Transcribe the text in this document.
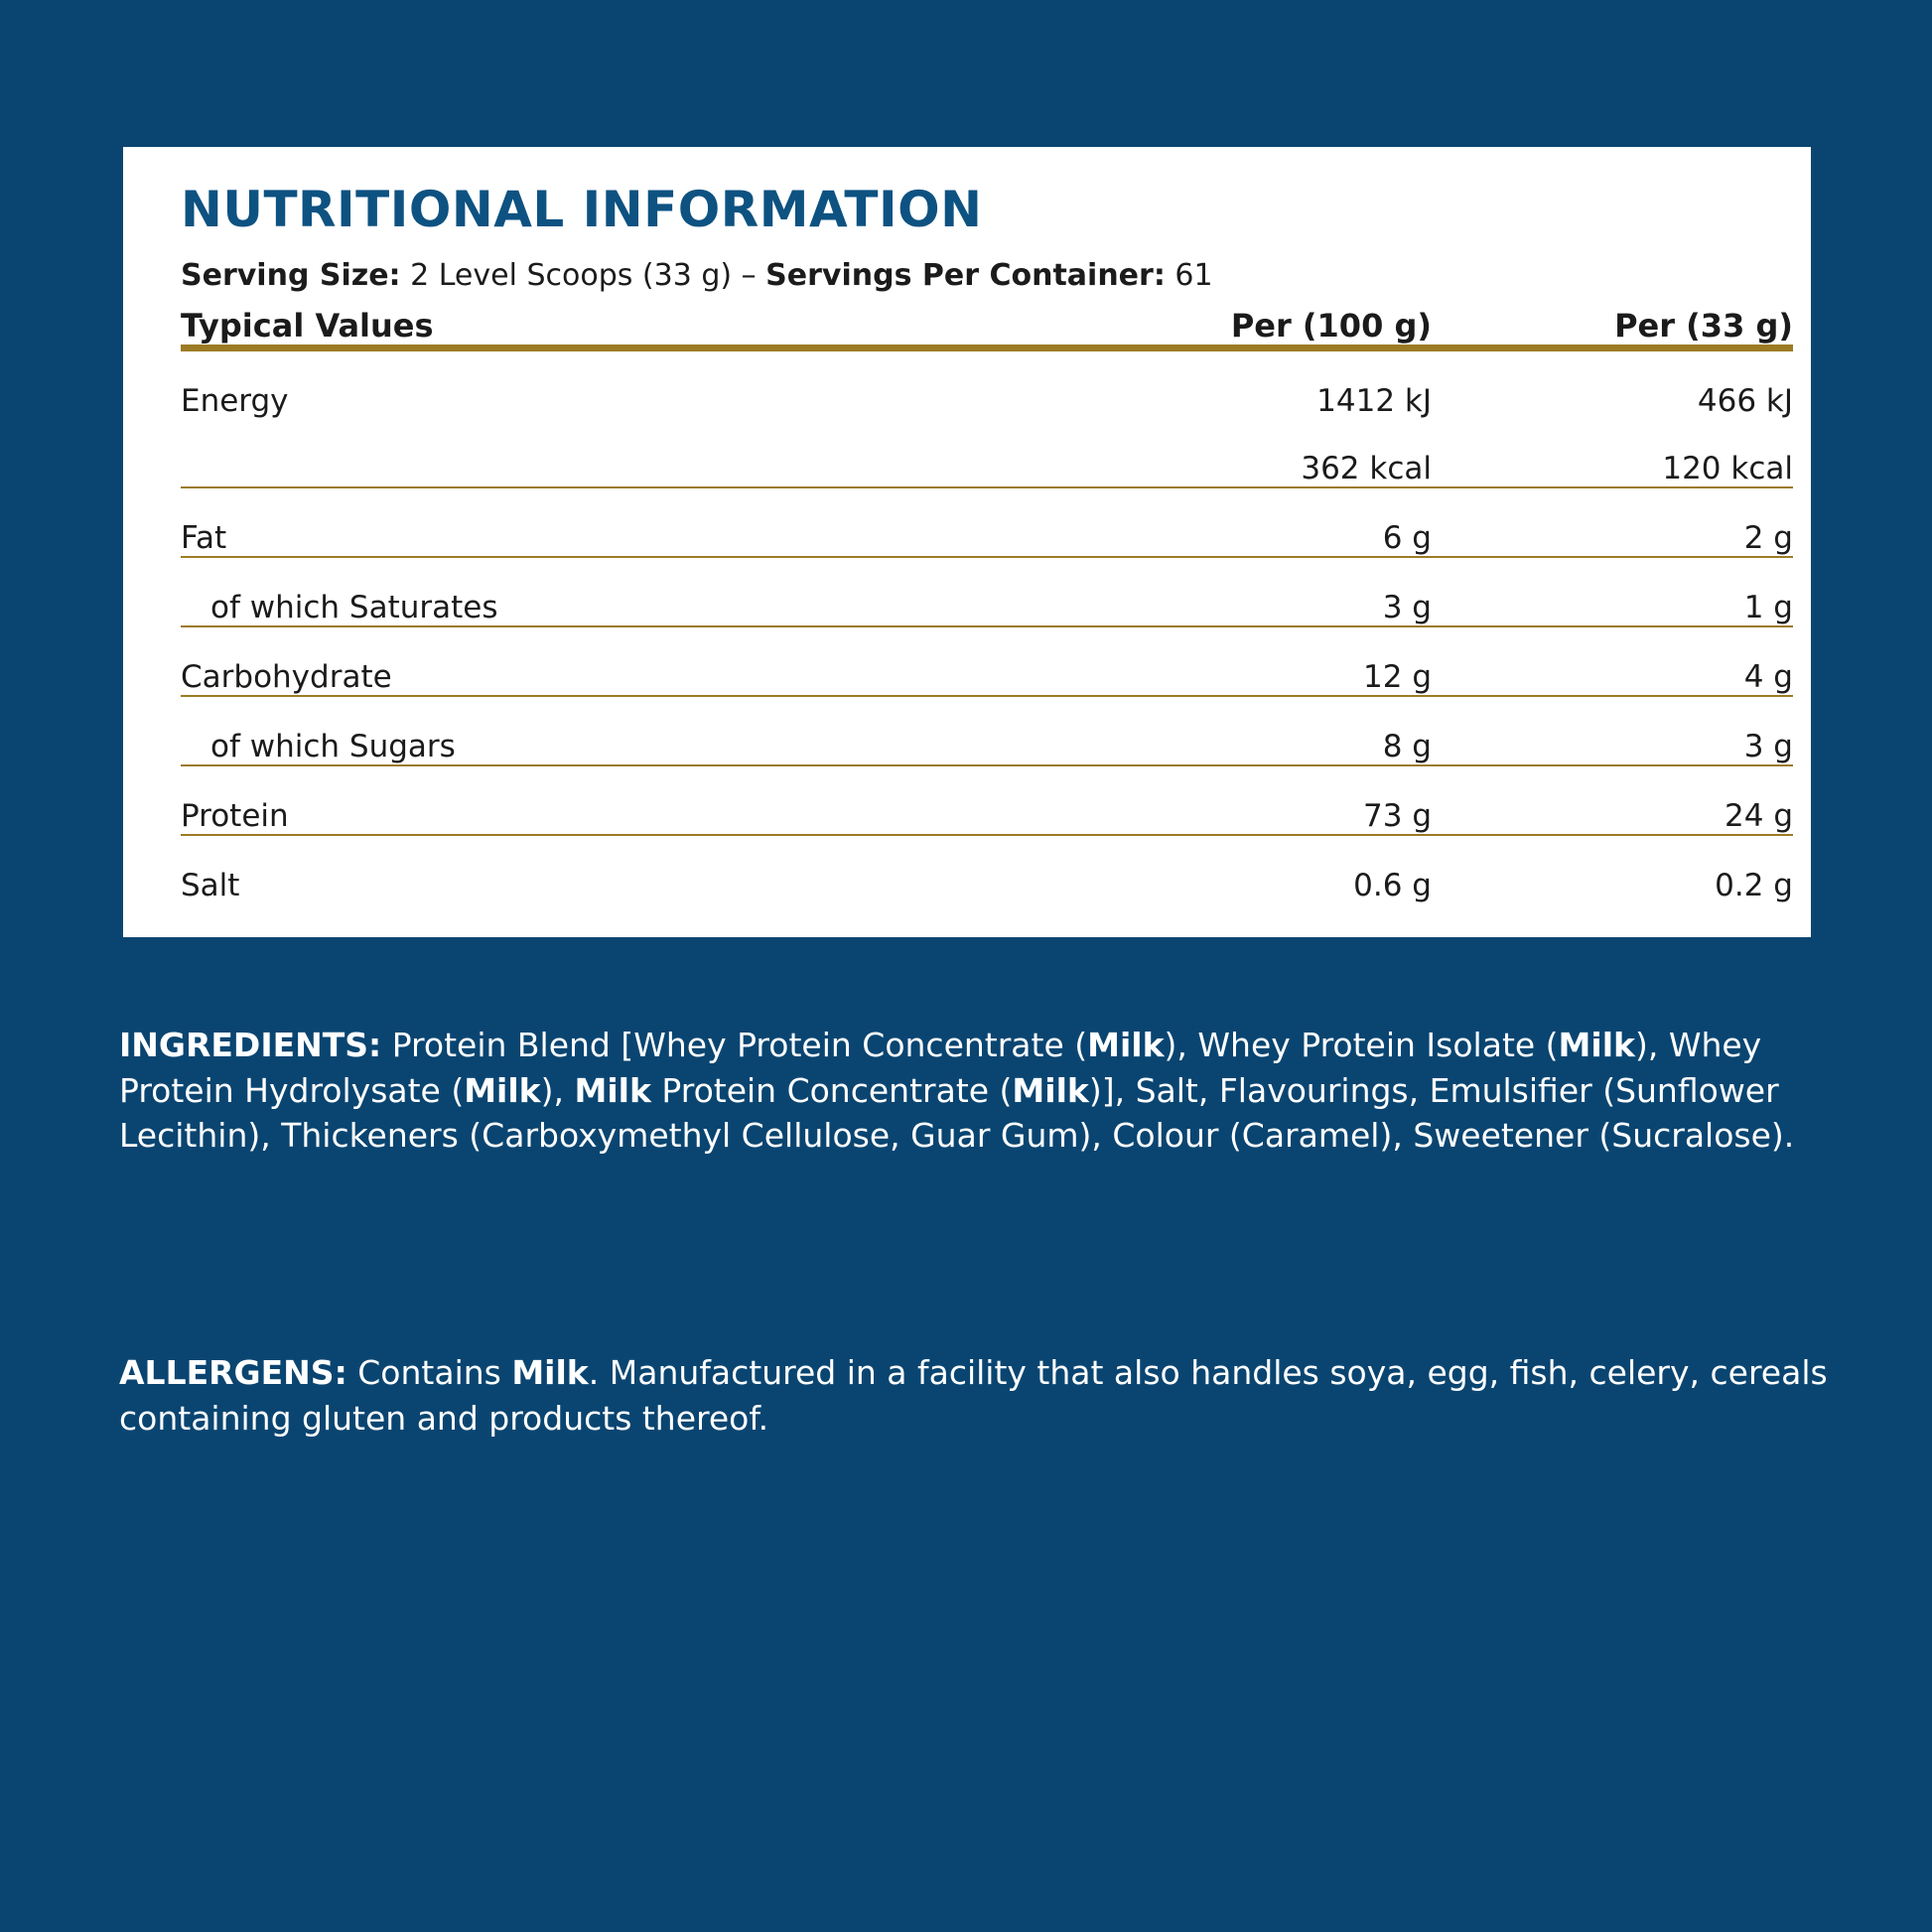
NUTRITIONAL INFORMATION
Serving Size: 2 Level Scoops (33 g) – Servings Per Container: 61
Typical Values	Per (100 g)	Per (33 g)

Energy	1412 kJ	466 kJ
	362 kcal	120 kcal

Fat	6 g	2 g

of which Saturates	3 g	1 g

Carbohydrate	12 g	4 g

of which Sugars	8 g	3 g

Protein	73 g	24 g

Salt	0.6 g	0.2 g
INGREDIENTS: Protein Blend [Whey Protein Concentrate (Milk), Whey Protein Isolate (Milk), Whey Protein Hydrolysate (Milk), Milk Protein Concentrate (Milk)], Salt, Flavourings, Emulsifier (Sunflower Lecithin), Thickeners (Carboxymethyl Cellulose, Guar Gum), Colour (Caramel), Sweetener (Sucralose).
ALLERGENS: Contains Milk. Manufactured in a facility that also handles soya, egg, fish, celery, cereals containing gluten and products thereof.
